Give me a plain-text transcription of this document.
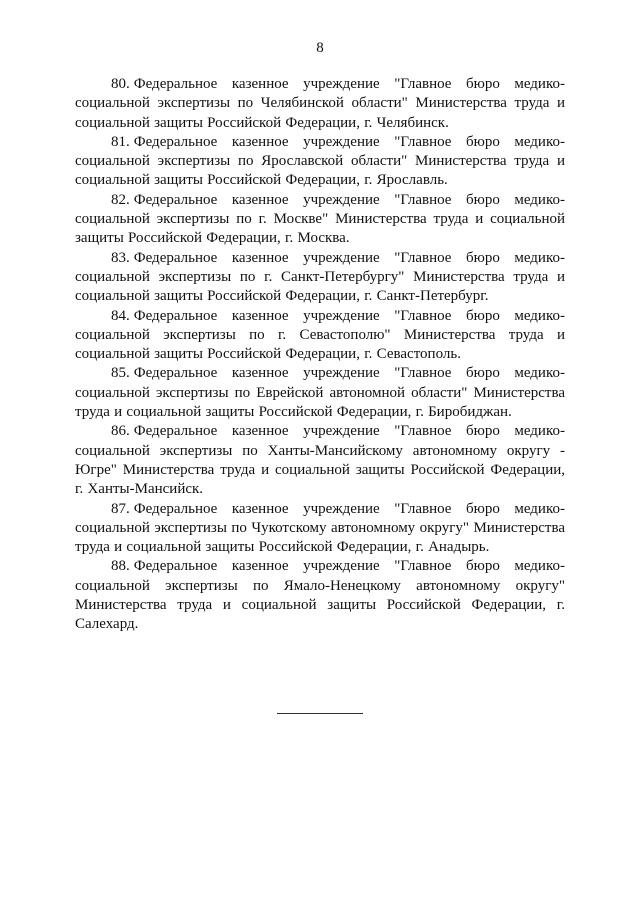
8

80. Федеральное казенное учреждение "Главное бюро медико-социальной экспертизы по Челябинской области" Министерства труда и социальной защиты Российской Федерации, г. Челябинск.

81. Федеральное казенное учреждение "Главное бюро медико-социальной экспертизы по Ярославской области" Министерства труда и социальной защиты Российской Федерации, г. Ярославль.

82. Федеральное казенное учреждение "Главное бюро медико-социальной экспертизы по г. Москве" Министерства труда и социальной защиты Российской Федерации, г. Москва.

83. Федеральное казенное учреждение "Главное бюро медико-социальной экспертизы по г. Санкт-Петербургу" Министерства труда и социальной защиты Российской Федерации, г. Санкт-Петербург.

84. Федеральное казенное учреждение "Главное бюро медико-социальной экспертизы по г. Севастополю" Министерства труда и социальной защиты Российской Федерации, г. Севастополь.

85. Федеральное казенное учреждение "Главное бюро медико-социальной экспертизы по Еврейской автономной области" Министерства труда и социальной защиты Российской Федерации, г. Биробиджан.

86. Федеральное казенное учреждение "Главное бюро медико-социальной экспертизы по Ханты-Мансийскому автономному округу - Югре" Министерства труда и социальной защиты Российской Федерации, г. Ханты-Мансийск.

87. Федеральное казенное учреждение "Главное бюро медико-социальной экспертизы по Чукотскому автономному округу" Министерства труда и социальной защиты Российской Федерации, г. Анадырь.

88. Федеральное казенное учреждение "Главное бюро медико-социальной экспертизы по Ямало-Ненецкому автономному округу" Министерства труда и социальной защиты Российской Федерации, г. Салехард.
